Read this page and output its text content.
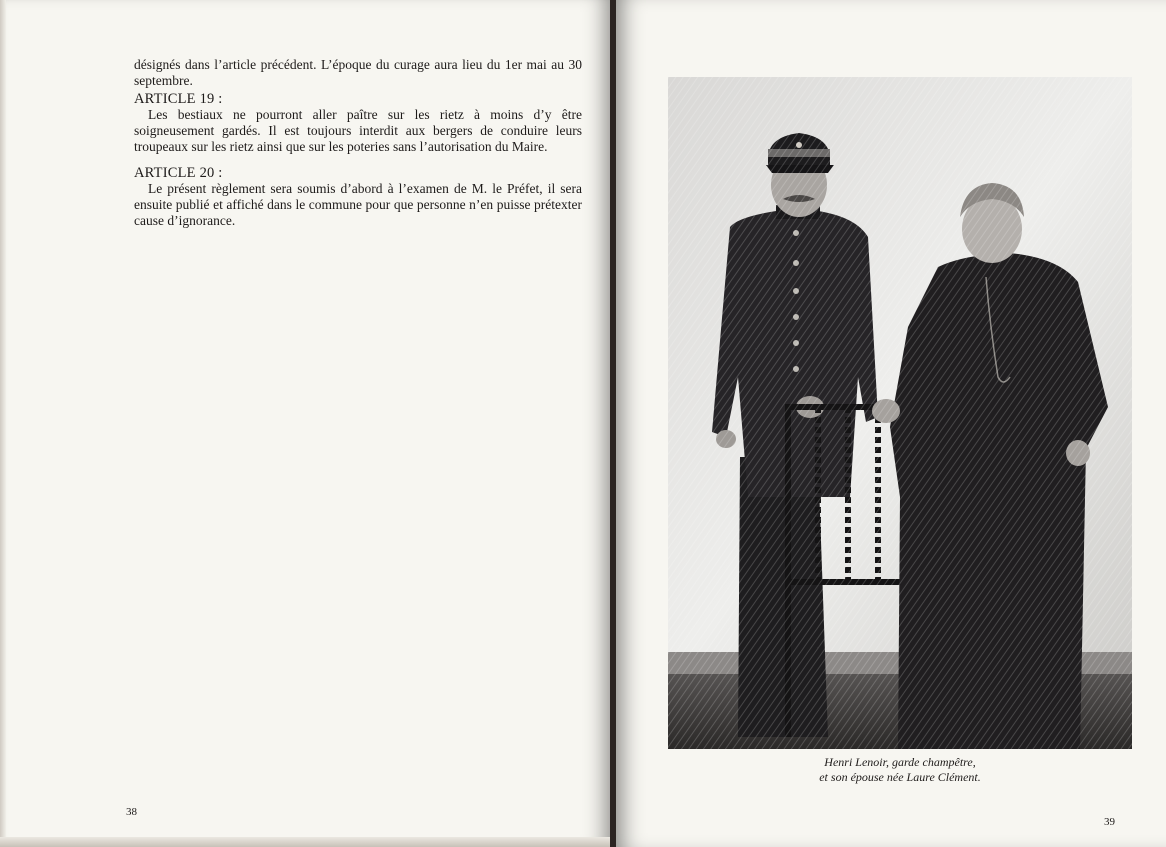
désignés dans l’article précédent. L’époque du curage aura lieu du 1er mai au 30 septembre.

ARTICLE 19 :

Les bestiaux ne pourront aller paître sur les rietz à moins d’y être soigneusement gardés. Il est toujours interdit aux bergers de conduire leurs troupeaux sur les rietz ainsi que sur les poteries sans l’autorisation du Maire.

ARTICLE 20 :

Le présent règlement sera soumis d’abord à l’examen de M. le Préfet, il sera ensuite publié et affiché dans le commune pour que personne n’en puisse prétexter cause d’ignorance.

38
Henri Lenoir, garde champêtre,
et son épouse née Laure Clément.
39
